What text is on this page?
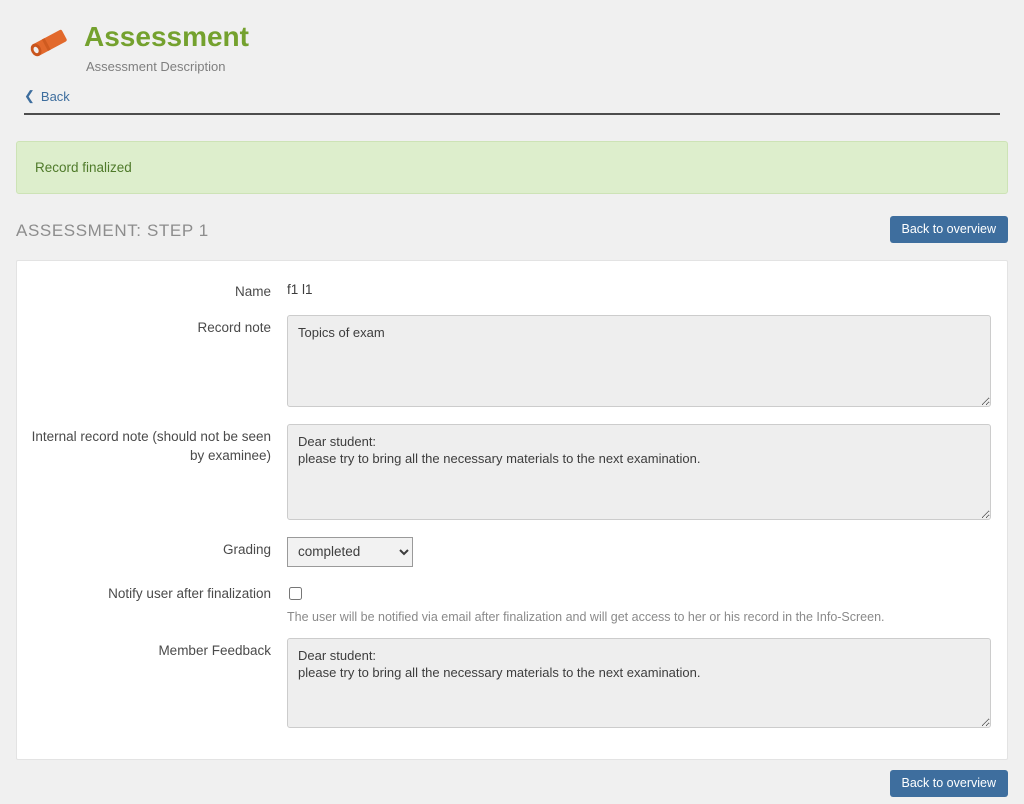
Assessment
Assessment Description
❮ Back
Record finalized
ASSESSMENT: STEP 1	Back to overview
Name	f1 l1
Record note
Topics of exam
Internal record note (should not be seen by examinee)
Dear student: please try to bring all the necessary materials to the next examination.
Grading
completed
Notify user after finalization
The user will be notified via email after finalization and will get access to her or his record in the Info-Screen.
Member Feedback
Dear student: please try to bring all the necessary materials to the next examination.
Back to overview
